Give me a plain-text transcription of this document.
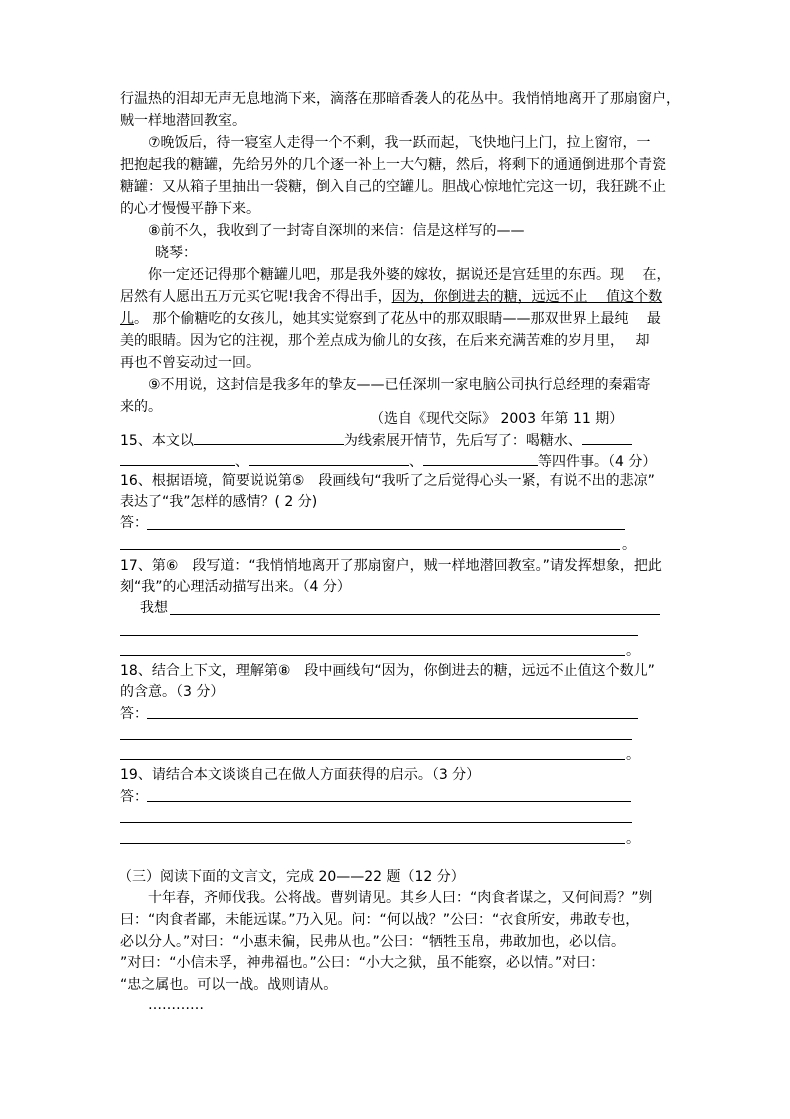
行温热的泪却无声无息地淌下来，滴落在那暗香袭人的花丛中。我悄悄地离开了那扇窗户，
贼一样地潜回教室。
⑦晚饭后，待一寝室人走得一个不剩，我一跃而起，飞快地闩上门，拉上窗帘，一
把抱起我的糖罐，先给另外的几个逐一补上一大勺糖，然后，将剩下的通通倒进那个青瓷
糖罐：又从箱子里抽出一袋糖，倒入自己的空罐儿。胆战心惊地忙完这一切，我狂跳不止
的心才慢慢平静下来。
⑧前不久，我收到了一封寄自深圳的来信：信是这样写的——
晓琴：
你一定还记得那个糖罐儿吧，那是我外婆的嫁妆，据说还是宫廷里的东西。现　 在，
居然有人愿出五万元买它呢!我舍不得出手，因为，你倒进去的糖，远远不止　 值这个数
儿。 那个偷糖吃的女孩儿，她其实觉察到了花丛中的那双眼睛——那双世界上最纯　 最
美的眼睛。因为它的注视，那个差点成为偷儿的女孩，在后来充满苦难的岁月里，　 却
再也不曾妄动过一回。
⑨不用说，这封信是我多年的挚友——已任深圳一家电脑公司执行总经理的秦霜寄
来的。
（选自《现代交际》 2003 年第 11 期）
15、本文以	为线索展开情节，先后写了：喝糖水、
、	、	等四件事。（4 分）
16、根据语境，简要说说第⑤　段画线句“我听了之后觉得心头一紧，有说不出的悲凉”
表达了“我”怎样的感情？( 2 分)
答：
。
17、第⑥　段写道：“我悄悄地离开了那扇窗户，贼一样地潜回教室。”请发挥想象，把此
刻“我”的心理活动描写出来。（4 分）
我想
。
18、结合上下文，理解第⑧　段中画线句“因为，你倒进去的糖，远远不止值这个数儿”
的含意。（3 分）
答：
。
19、请结合本文谈谈自己在做人方面获得的启示。（3 分）
答：
。
（三）阅读下面的文言文，完成 20——22 题（12 分）
十年春，齐师伐我。公将战。曹刿请见。其乡人曰：“肉食者谋之，又何间焉？”刿
曰：“肉食者鄙，未能远谋。”乃入见。问：“何以战？”公曰：“衣食所安，弗敢专也，
必以分人。”对曰：“小惠未徧，民弗从也。”公曰：“牺牲玉帛，弗敢加也，必以信。
”对曰：“小信未孚，神弗福也。”公曰：“小大之狱，虽不能察，必以情。”对曰：
“忠之属也。可以一战。战则请从。
…………
